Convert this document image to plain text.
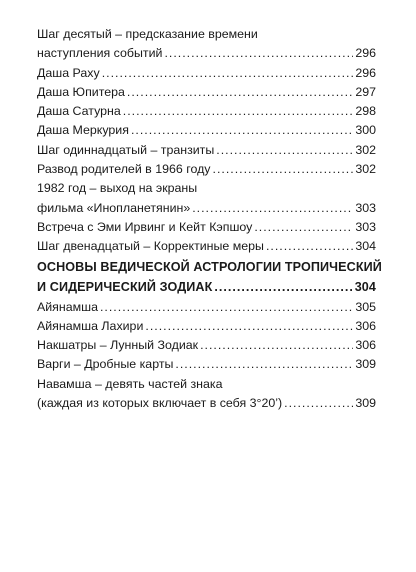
Шаг десятый – предсказание времени
наступления событий .....	296
Даша Раху .....	296
Даша Юпитера .....	297
Даша Сатурна .....	298
Даша Меркурия .....	300
Шаг одиннадцатый – транзиты .....	302
Развод родителей в 1966 году .....	302
1982 год – выход на экраны
фильма «Инопланетянин» .....	303
Встреча с Эми Ирвинг и Кейт Кэпшоу .....	303
Шаг двенадцатый – Корректиные меры .....	304
ОСНОВЫ ВЕДИЧЕСКОЙ АСТРОЛОГИИ ТРОПИЧЕСКИЙ
И СИДЕРИЧЕСКИЙ ЗОДИАК .....	304
Айянамша .....	305
Айянамша Лахири .....	306
Накшатры – Лунный Зодиак .....	306
Варги – Дробные карты .....	309
Навамша – девять частей знака
(каждая из которых включает в себя 3°20’) .....	309
